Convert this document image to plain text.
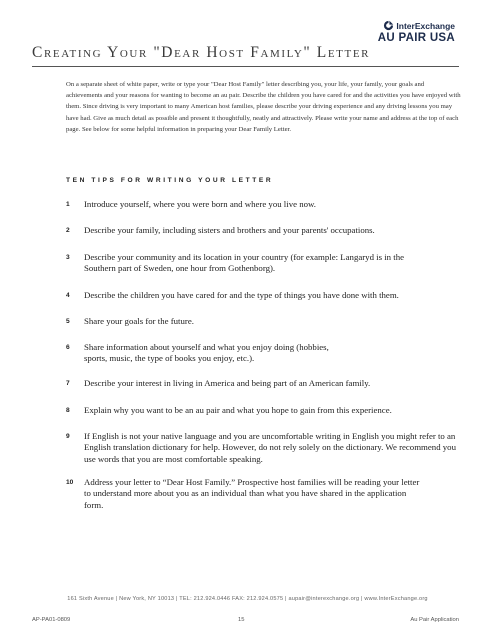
InterExchange
AU PAIR USA
Creating Your "Dear Host Family" Letter
On a separate sheet of white paper, write or type your "Dear Host Family" letter describing you, your life, your family, your goals and achievements and your reasons for wanting to become an au pair. Describe the children you have cared for and the activities you have enjoyed with them. Since driving is very important to many American host families, please describe your driving experience and any driving lessons you may have had. Give as much detail as possible and present it thoughtfully, neatly and attractively. Please write your name and address at the top of each page. See below for some helpful information in preparing your Dear Family Letter.
TEN TIPS FOR WRITING YOUR LETTER
1	Introduce yourself, where you were born and where you live now.
2	Describe your family, including sisters and brothers and your parents' occupations.
3	Describe your community and its location in your country (for example: Langaryd is in the Southern part of Sweden, one hour from Gothenborg).
4	Describe the children you have cared for and the type of things you have done with them.
5	Share your goals for the future.
6	Share information about yourself and what you enjoy doing (hobbies, sports, music, the type of books you enjoy, etc.).
7	Describe your interest in living in America and being part of an American family.
8	Explain why you want to be an au pair and what you hope to gain from this experience.
9	If English is not your native language and you are uncomfortable writing in English you might refer to an English translation dictionary for help. However, do not rely solely on the dictionary. We recommend you use words that you are most comfortable speaking.
10	Address your letter to “Dear Host Family.” Prospective host families will be reading your letter to understand more about you as an individual than what you have shared in the application form.
161 Sixth Avenue | New York, NY 10013 | TEL: 212.924.0446 FAX: 212.924.0575 | aupair@interexchange.org | www.InterExchange.org
AP-PA01-0809	15	Au Pair Application
